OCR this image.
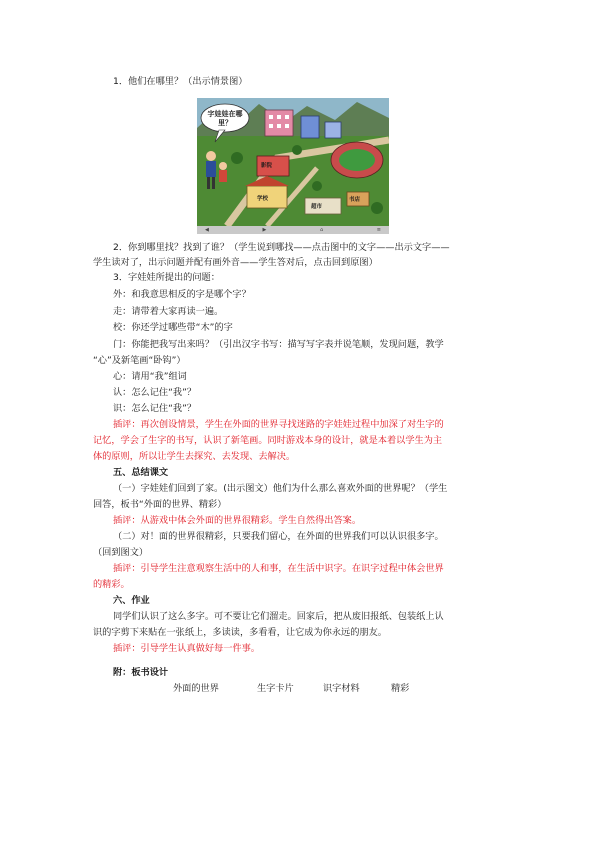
1．他们在哪里？（出示情景图）
字娃娃在哪里？
影院
学校
超市
书店
◀	▶	⌂	≡
2．你到哪里找？找到了谁？（学生说到哪找——点击图中的文字——出示文字——
学生读对了，出示问题并配有画外音——学生答对后，点击回到原图）
3．字娃娃所提出的问题：
外：和我意思相反的字是哪个字？
走：请带着大家再读一遍。
校：你还学过哪些带“木”的字
门：你能把我写出来吗？（引出汉字书写：描写写字表并说笔顺，发现问题，教学
“心”及新笔画“卧钩”）
心：请用“我”组词
认：怎么记住“我”？
识：怎么记住“我”？
插评：再次创设情景，学生在外面的世界寻找迷路的字娃娃过程中加深了对生字的
记忆，学会了生字的书写，认识了新笔画。同时游戏本身的设计，就是本着以学生为主
体的原则，所以让学生去探究、去发现、去解决。
五、总结课文
（一）字娃娃们回到了家。(出示图文）他们为什么那么喜欢外面的世界呢？（学生
回答，板书“外面的世界、精彩）
插评：从游戏中体会外面的世界很精彩。学生自然得出答案。
（二）对！面的世界很精彩，只要我们留心，在外面的世界我们可以认识很多字。
（回到图文）
插评：引导学生注意观察生活中的人和事，在生活中识字。在识字过程中体会世界
的精彩。
六、作业
同学们认识了这么多字。可不要让它们溜走。回家后，把从废旧报纸、包装纸上认
识的字剪下来贴在一张纸上，多读读，多看看，让它成为你永远的朋友。
插评：引导学生认真做好每一件事。
附：板书设计
外面的世界	生字卡片	识字材料	精彩
